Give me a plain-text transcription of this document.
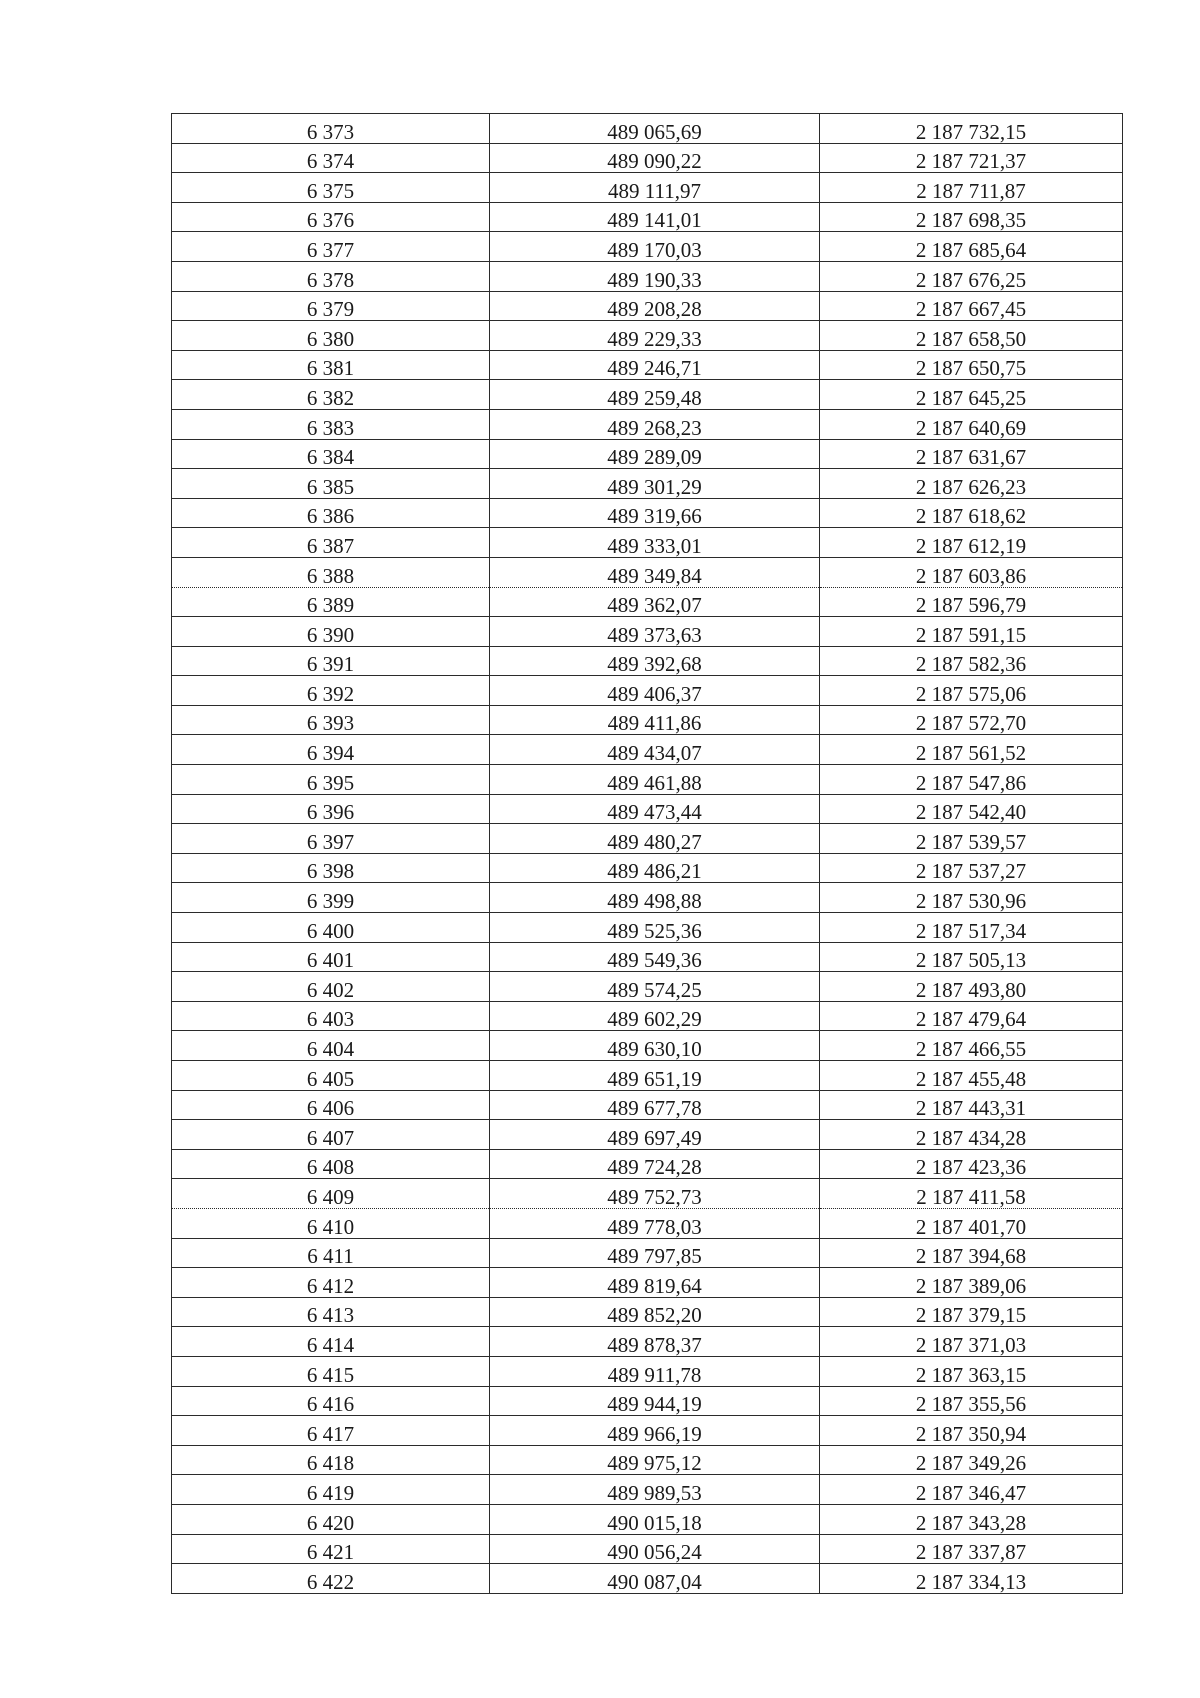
6 373	489 065,69	2 187 732,15
6 374	489 090,22	2 187 721,37
6 375	489 111,97	2 187 711,87
6 376	489 141,01	2 187 698,35
6 377	489 170,03	2 187 685,64
6 378	489 190,33	2 187 676,25
6 379	489 208,28	2 187 667,45
6 380	489 229,33	2 187 658,50
6 381	489 246,71	2 187 650,75
6 382	489 259,48	2 187 645,25
6 383	489 268,23	2 187 640,69
6 384	489 289,09	2 187 631,67
6 385	489 301,29	2 187 626,23
6 386	489 319,66	2 187 618,62
6 387	489 333,01	2 187 612,19
6 388	489 349,84	2 187 603,86
6 389	489 362,07	2 187 596,79
6 390	489 373,63	2 187 591,15
6 391	489 392,68	2 187 582,36
6 392	489 406,37	2 187 575,06
6 393	489 411,86	2 187 572,70
6 394	489 434,07	2 187 561,52
6 395	489 461,88	2 187 547,86
6 396	489 473,44	2 187 542,40
6 397	489 480,27	2 187 539,57
6 398	489 486,21	2 187 537,27
6 399	489 498,88	2 187 530,96
6 400	489 525,36	2 187 517,34
6 401	489 549,36	2 187 505,13
6 402	489 574,25	2 187 493,80
6 403	489 602,29	2 187 479,64
6 404	489 630,10	2 187 466,55
6 405	489 651,19	2 187 455,48
6 406	489 677,78	2 187 443,31
6 407	489 697,49	2 187 434,28
6 408	489 724,28	2 187 423,36
6 409	489 752,73	2 187 411,58
6 410	489 778,03	2 187 401,70
6 411	489 797,85	2 187 394,68
6 412	489 819,64	2 187 389,06
6 413	489 852,20	2 187 379,15
6 414	489 878,37	2 187 371,03
6 415	489 911,78	2 187 363,15
6 416	489 944,19	2 187 355,56
6 417	489 966,19	2 187 350,94
6 418	489 975,12	2 187 349,26
6 419	489 989,53	2 187 346,47
6 420	490 015,18	2 187 343,28
6 421	490 056,24	2 187 337,87
6 422	490 087,04	2 187 334,13
